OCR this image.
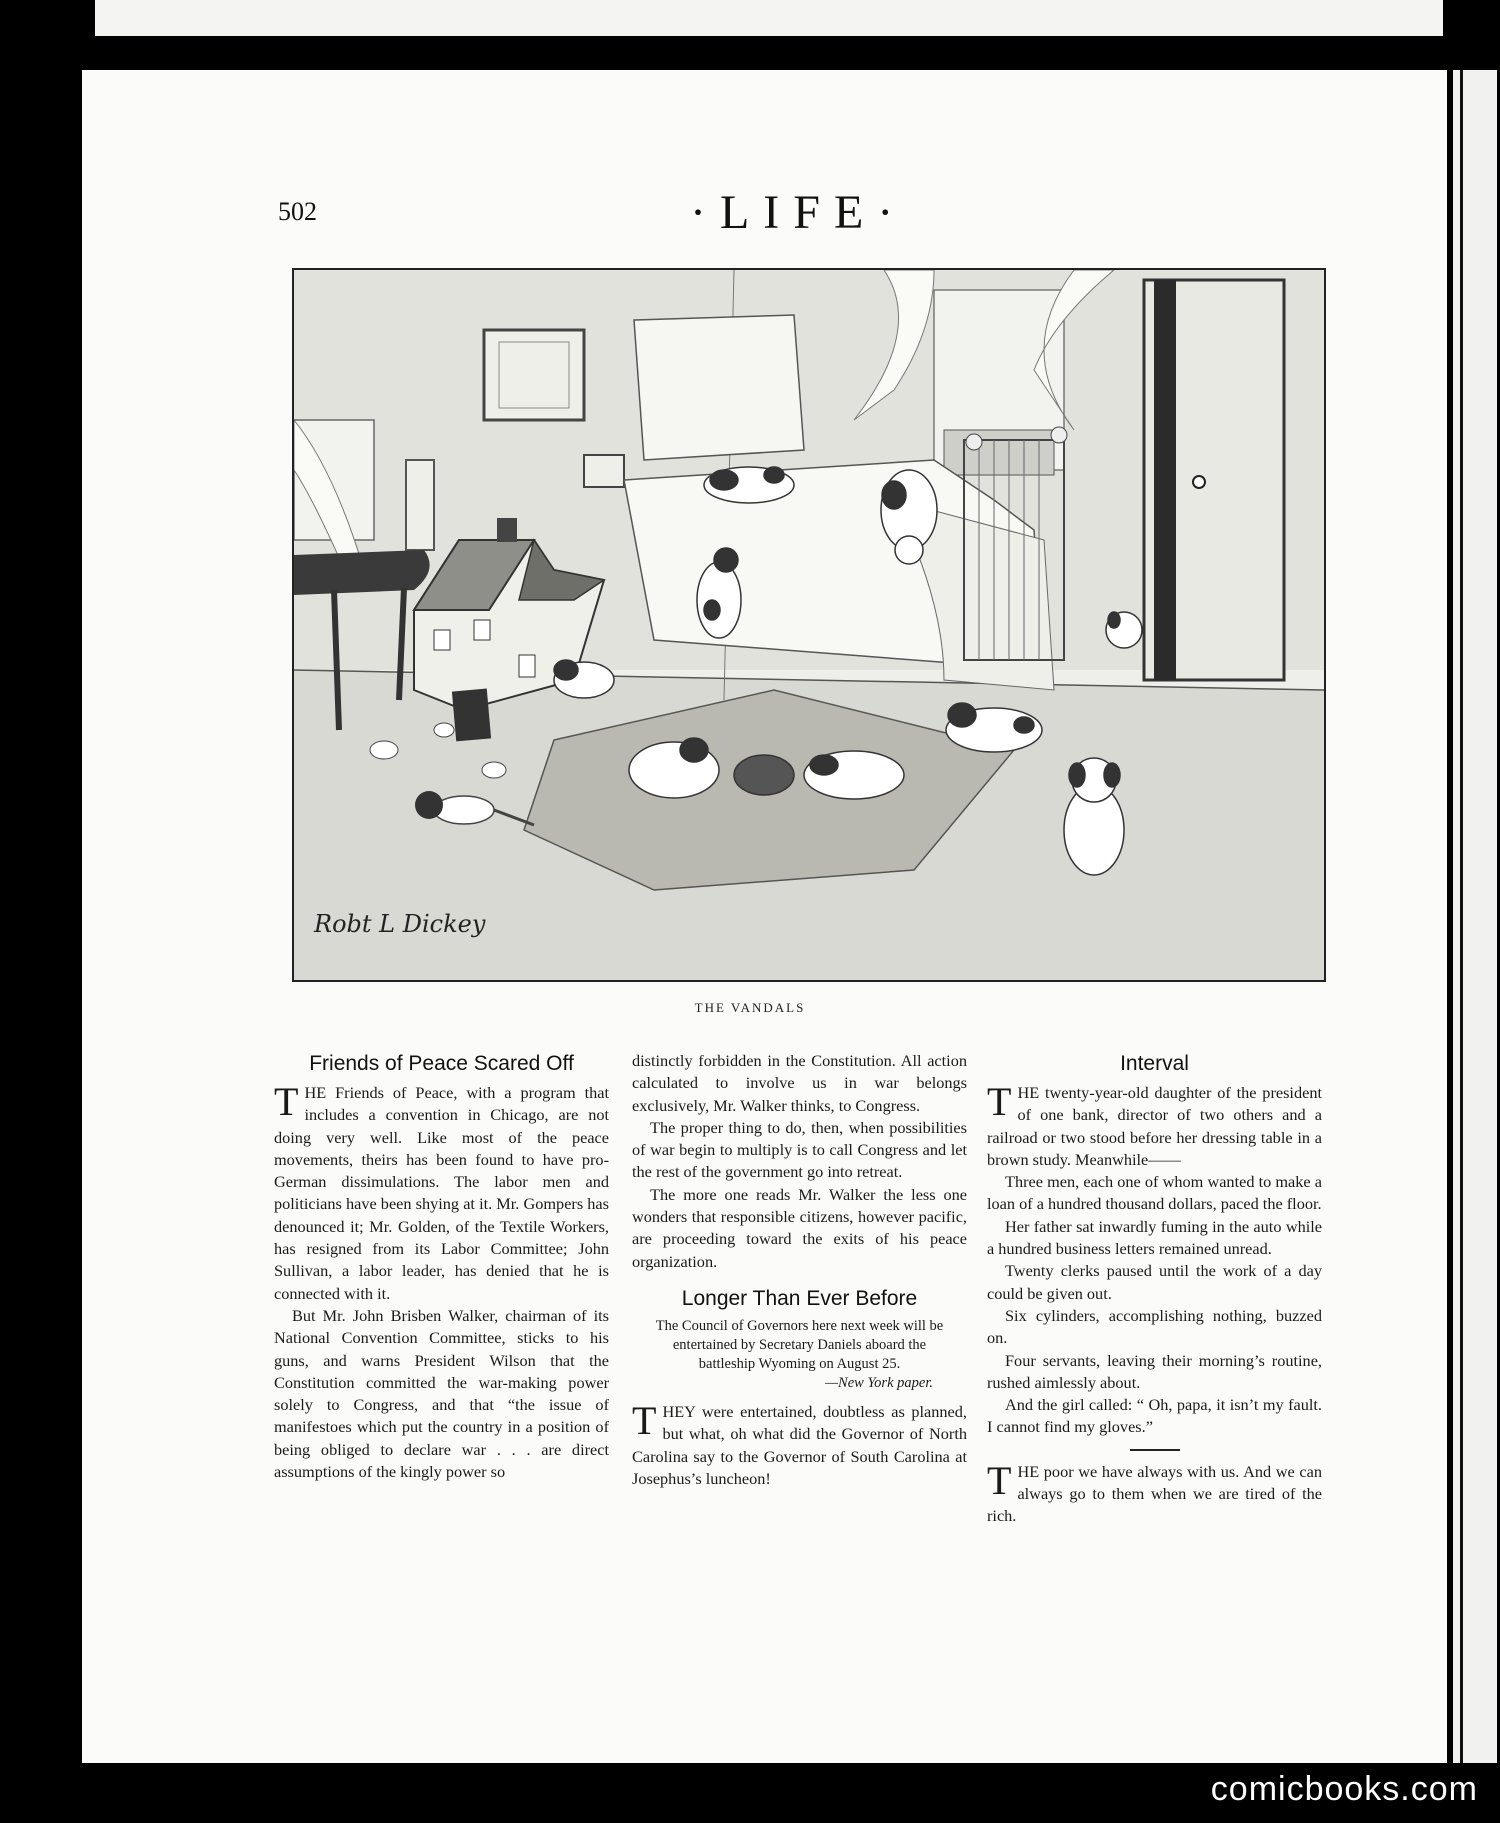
502	·LIFE·
Robt L Dickey
THE VANDALS
Friends of Peace Scared Off

THE Friends of Peace, with a program that includes a convention in Chicago, are not doing very well. Like most of the peace movements, theirs has been found to have pro-German dissimulations. The labor men and politicians have been shying at it. Mr. Gompers has denounced it; Mr. Golden, of the Textile Workers, has resigned from its Labor Committee; John Sullivan, a labor leader, has denied that he is connected with it.

But Mr. John Brisben Walker, chairman of its National Convention Committee, sticks to his guns, and warns President Wilson that the Constitution committed the war-making power solely to Congress, and that “the issue of manifestoes which put the country in a position of being obliged to declare war . . . are direct assumptions of the kingly power so

distinctly forbidden in the Constitution. All action calculated to involve us in war belongs exclusively, Mr. Walker thinks, to Congress.

The proper thing to do, then, when possibilities of war begin to multiply is to call Congress and let the rest of the government go into retreat.

The more one reads Mr. Walker the less one wonders that responsible citizens, however pacific, are proceeding toward the exits of his peace organization.

Longer Than Ever Before
The Council of Governors here next week will be entertained by Secretary Daniels aboard the battleship Wyoming on August 25.
—New York paper.

THEY were entertained, doubtless as planned, but what, oh what did the Governor of North Carolina say to the Governor of South Carolina at Josephus’s luncheon!

Interval

THE twenty-year-old daughter of the president of one bank, director of two others and a railroad or two stood before her dressing table in a brown study. Meanwhile——

Three men, each one of whom wanted to make a loan of a hundred thousand dollars, paced the floor.

Her father sat inwardly fuming in the auto while a hundred business letters remained unread.

Twenty clerks paused until the work of a day could be given out.

Six cylinders, accomplishing nothing, buzzed on.

Four servants, leaving their morning’s routine, rushed aimlessly about.

And the girl called: “ Oh, papa, it isn’t my fault. I cannot find my gloves.”

THE poor we have always with us. And we can always go to them when we are tired of the rich.

comicbooks.com
